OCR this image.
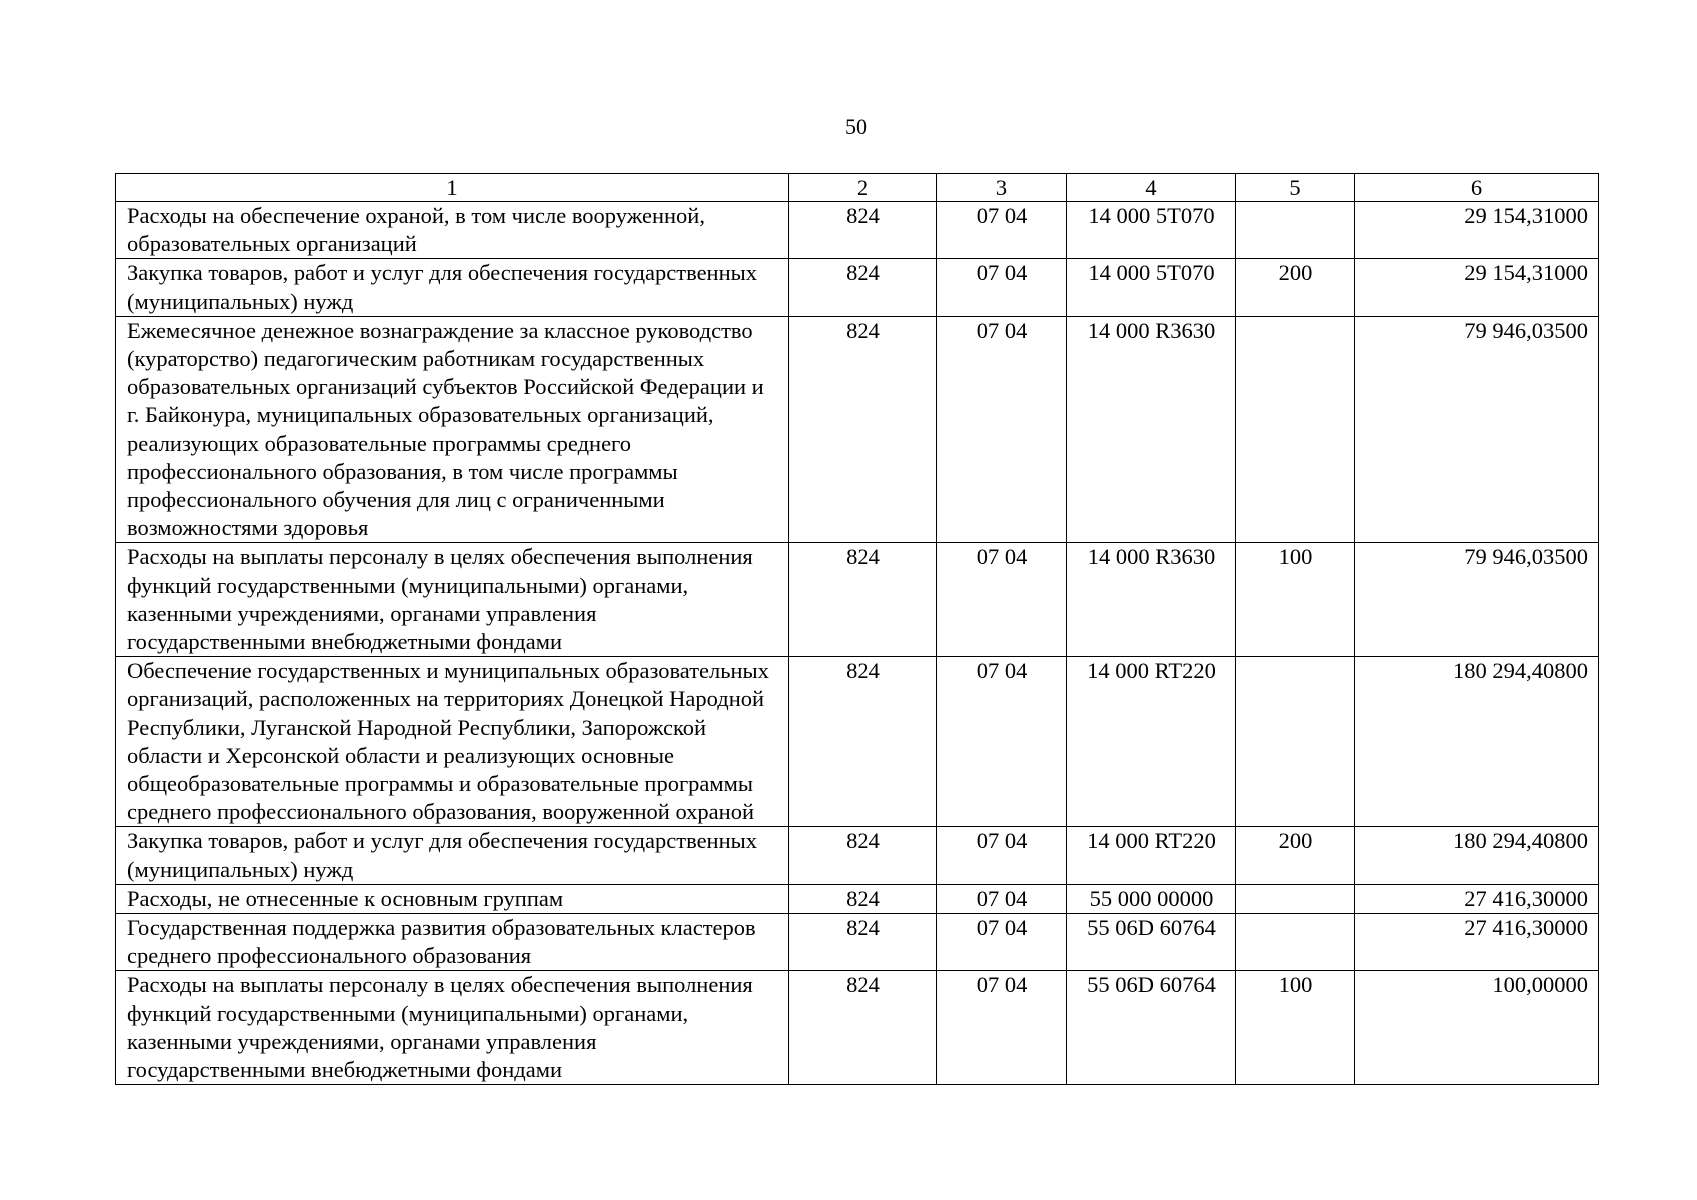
50
1	2	3	4	5	6
Расходы на обеспечение охраной, в том числе вооруженной, образовательных организаций	824	07 04	14 000 5T070		29 154,31000
Закупка товаров, работ и услуг для обеспечения государственных (муниципальных) нужд	824	07 04	14 000 5T070	200	29 154,31000
Ежемесячное денежное вознаграждение за классное руководство (кураторство) педагогическим работникам государственных образовательных организаций субъектов Российской Федерации и г. Байконура, муниципальных образовательных организаций, реализующих образовательные программы среднего профессионального образования, в том числе программы профессионального обучения для лиц с ограниченными возможностями здоровья	824	07 04	14 000 R3630		79 946,03500
Расходы на выплаты персоналу в целях обеспечения выполнения функций государственными (муниципальными) органами, казенными учреждениями, органами управления государственными внебюджетными фондами	824	07 04	14 000 R3630	100	79 946,03500
Обеспечение государственных и муниципальных образовательных организаций, расположенных на территориях Донецкой Народной Республики, Луганской Народной Республики, Запорожской области и Херсонской области и реализующих основные общеобразовательные программы и образовательные программы среднего профессионального образования, вооруженной охраной	824	07 04	14 000 RT220		180 294,40800
Закупка товаров, работ и услуг для обеспечения государственных (муниципальных) нужд	824	07 04	14 000 RT220	200	180 294,40800
Расходы, не отнесенные к основным группам	824	07 04	55 000 00000		27 416,30000
Государственная поддержка развития образовательных кластеров среднего профессионального образования	824	07 04	55 06D 60764		27 416,30000
Расходы на выплаты персоналу в целях обеспечения выполнения функций государственными (муниципальными) органами, казенными учреждениями, органами управления государственными внебюджетными фондами	824	07 04	55 06D 60764	100	100,00000
